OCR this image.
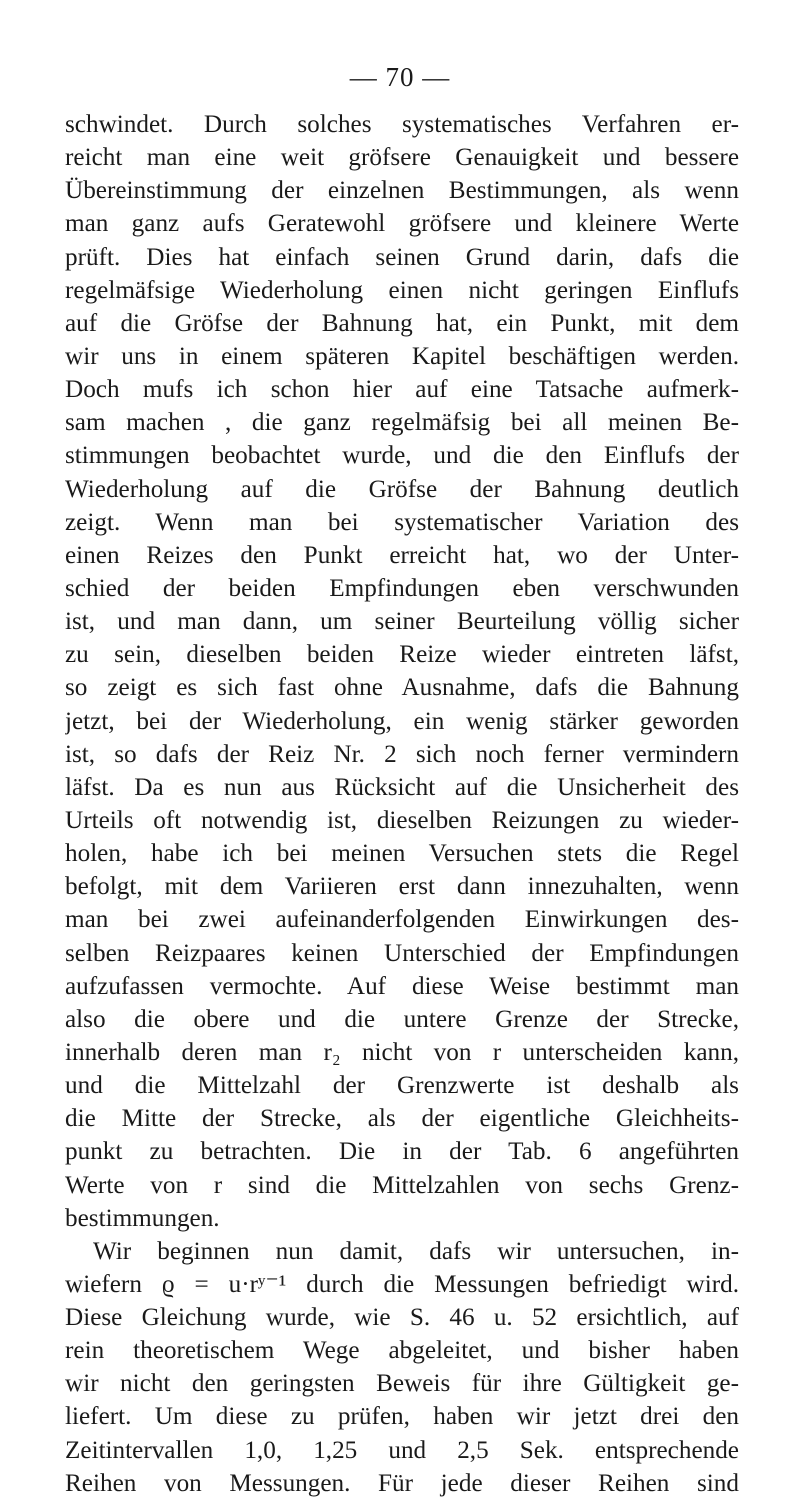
— 70 —
schwindet. Durch solches systematisches Verfahren er-
reicht man eine weit gröfsere Genauigkeit und bessere
Übereinstimmung der einzelnen Bestimmungen, als wenn
man ganz aufs Geratewohl gröfsere und kleinere Werte
prüft. Dies hat einfach seinen Grund darin, dafs die
regelmäfsige Wiederholung einen nicht geringen Einflufs
auf die Gröfse der Bahnung hat, ein Punkt, mit dem
wir uns in einem späteren Kapitel beschäftigen werden.
Doch mufs ich schon hier auf eine Tatsache aufmerk-
sam machen , die ganz regelmäfsig bei all meinen Be-
stimmungen beobachtet wurde, und die den Einflufs der
Wiederholung auf die Gröfse der Bahnung deutlich
zeigt. Wenn man bei systematischer Variation des
einen Reizes den Punkt erreicht hat, wo der Unter-
schied der beiden Empfindungen eben verschwunden
ist, und man dann, um seiner Beurteilung völlig sicher
zu sein, dieselben beiden Reize wieder eintreten läfst,
so zeigt es sich fast ohne Ausnahme, dafs die Bahnung
jetzt, bei der Wiederholung, ein wenig stärker geworden
ist, so dafs der Reiz Nr. 2 sich noch ferner vermindern
läfst. Da es nun aus Rücksicht auf die Unsicherheit des
Urteils oft notwendig ist, dieselben Reizungen zu wieder-
holen, habe ich bei meinen Versuchen stets die Regel
befolgt, mit dem Variieren erst dann innezuhalten, wenn
man bei zwei aufeinanderfolgenden Einwirkungen des-
selben Reizpaares keinen Unterschied der Empfindungen
aufzufassen vermochte. Auf diese Weise bestimmt man
also die obere und die untere Grenze der Strecke,
innerhalb deren man r₂ nicht von r unterscheiden kann,
und die Mittelzahl der Grenzwerte ist deshalb als
die Mitte der Strecke, als der eigentliche Gleichheits-
punkt zu betrachten. Die in der Tab. 6 angeführten
Werte von r sind die Mittelzahlen von sechs Grenz-
bestimmungen.
Wir beginnen nun damit, dafs wir untersuchen, in-
wiefern ϱ = u·rʸ⁻¹ durch die Messungen befriedigt wird.
Diese Gleichung wurde, wie S. 46 u. 52 ersichtlich, auf
rein theoretischem Wege abgeleitet, und bisher haben
wir nicht den geringsten Beweis für ihre Gültigkeit ge-
liefert. Um diese zu prüfen, haben wir jetzt drei den
Zeitintervallen 1,0, 1,25 und 2,5 Sek. entsprechende
Reihen von Messungen. Für jede dieser Reihen sind
